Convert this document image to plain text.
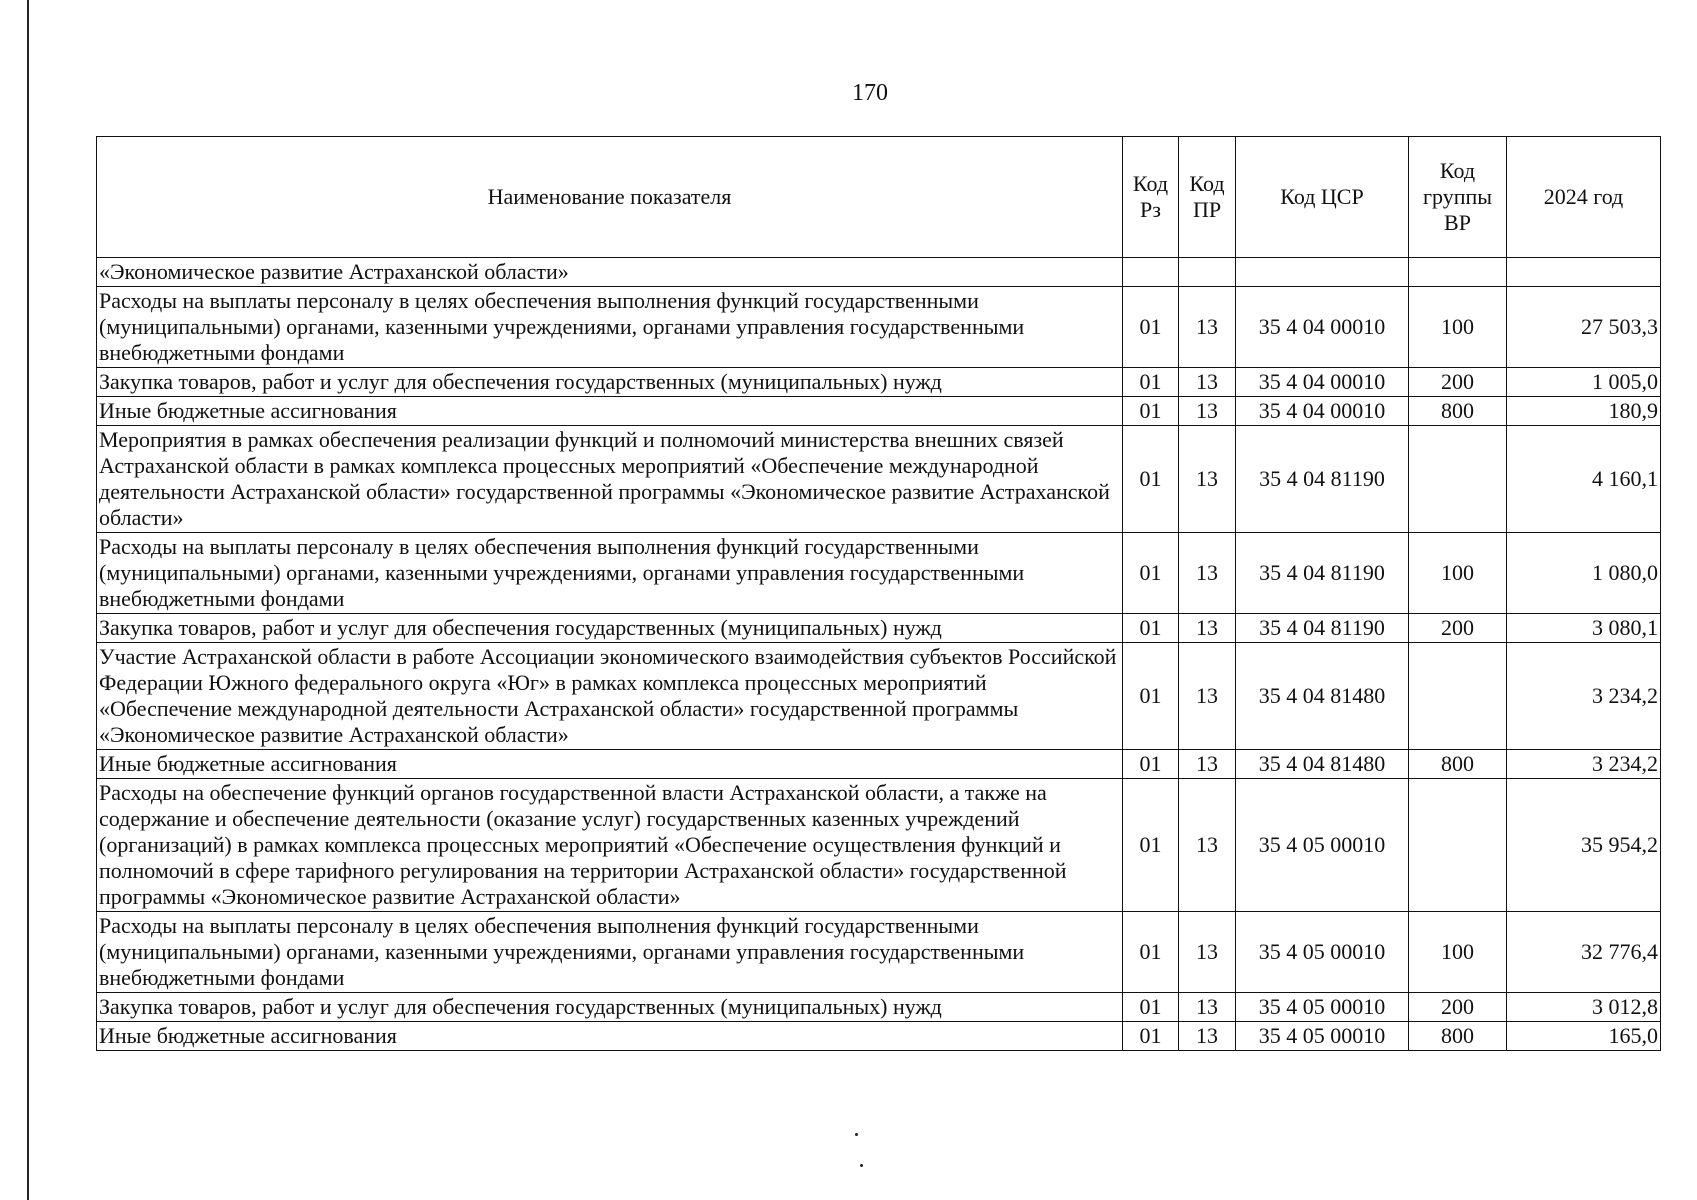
170
Наименование показателя	Код Рз	Код ПР	Код ЦСР	Код группы ВР	2024 год
«Экономическое развитие Астраханской области»					
Расходы на выплаты персоналу в целях обеспечения выполнения функций государственными (муниципальными) органами, казенными учреждениями, органами управления государственными внебюджетными фондами	01	13	35 4 04 00010	100	27 503,3
Закупка товаров, работ и услуг для обеспечения государственных (муниципальных) нужд	01	13	35 4 04 00010	200	1 005,0
Иные бюджетные ассигнования	01	13	35 4 04 00010	800	180,9
Мероприятия в рамках обеспечения реализации функций и полномочий министерства внешних связей Астраханской области в рамках комплекса процессных мероприятий «Обеспечение международной деятельности Астраханской области» государственной программы «Экономическое развитие Астраханской области»	01	13	35 4 04 81190		4 160,1
Расходы на выплаты персоналу в целях обеспечения выполнения функций государственными (муниципальными) органами, казенными учреждениями, органами управления государственными внебюджетными фондами	01	13	35 4 04 81190	100	1 080,0
Закупка товаров, работ и услуг для обеспечения государственных (муниципальных) нужд	01	13	35 4 04 81190	200	3 080,1
Участие Астраханской области в работе Ассоциации экономического взаимодействия субъектов Российской Федерации Южного федерального округа «Юг» в рамках комплекса процессных мероприятий «Обеспечение международной деятельности Астраханской области» государственной программы «Экономическое развитие Астраханской области»	01	13	35 4 04 81480		3 234,2
Иные бюджетные ассигнования	01	13	35 4 04 81480	800	3 234,2
Расходы на обеспечение функций органов государственной власти Астраханской области, а также на содержание и обеспечение деятельности (оказание услуг) государственных казенных учреждений (организаций) в рамках комплекса процессных мероприятий «Обеспечение осуществления функций и полномочий в сфере тарифного регулирования на территории Астраханской области» государственной программы «Экономическое развитие Астраханской области»	01	13	35 4 05 00010		35 954,2
Расходы на выплаты персоналу в целях обеспечения выполнения функций государственными (муниципальными) органами, казенными учреждениями, органами управления государственными внебюджетными фондами	01	13	35 4 05 00010	100	32 776,4
Закупка товаров, работ и услуг для обеспечения государственных (муниципальных) нужд	01	13	35 4 05 00010	200	3 012,8
Иные бюджетные ассигнования	01	13	35 4 05 00010	800	165,0
